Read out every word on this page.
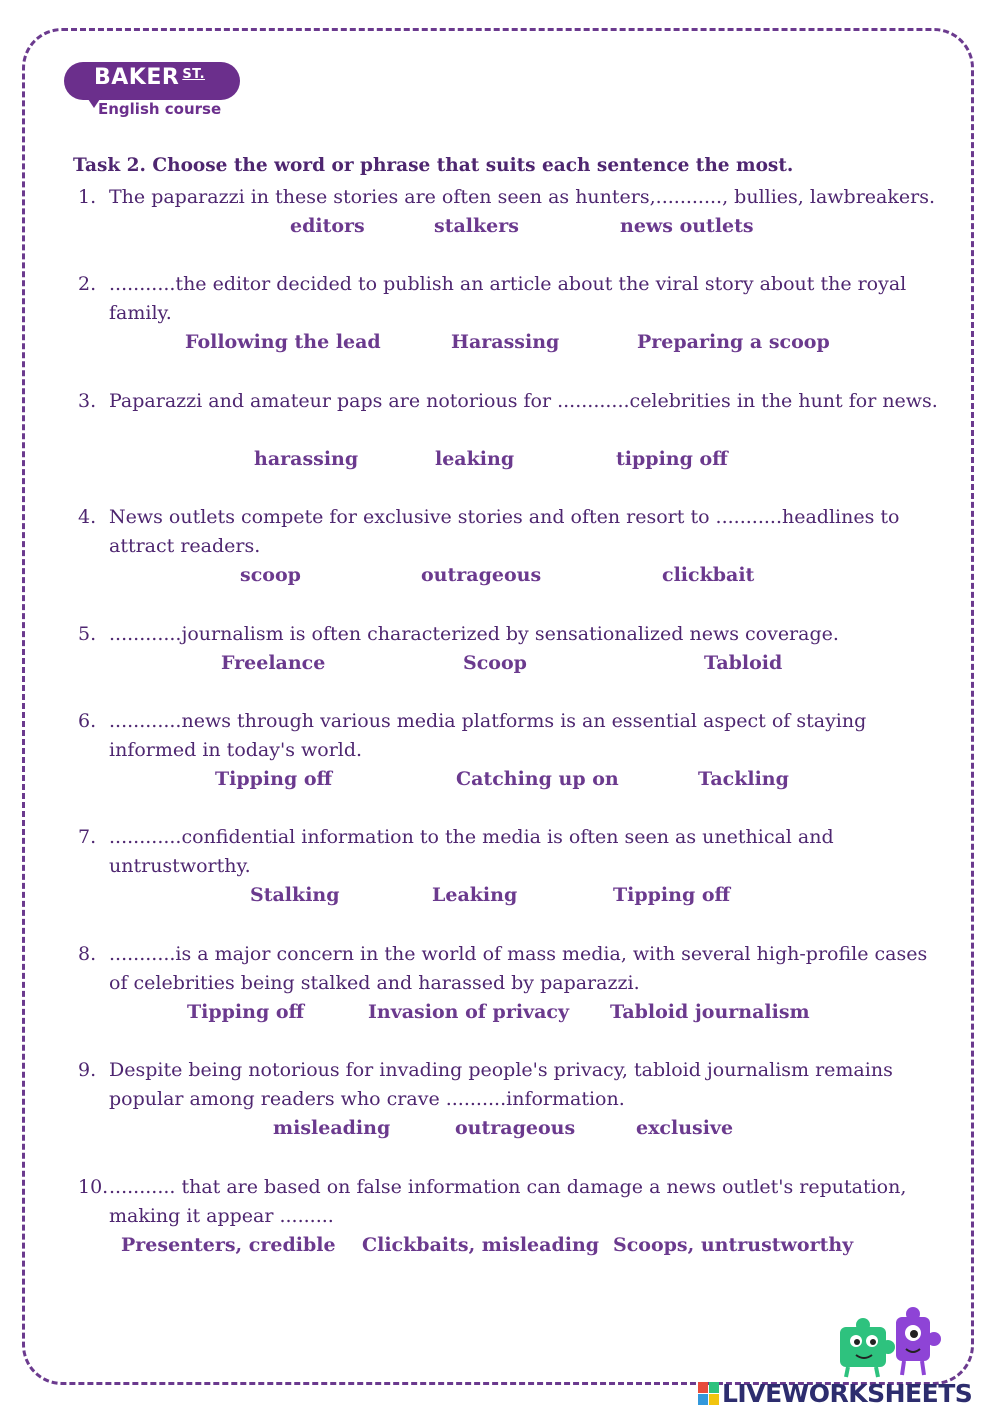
BAKER $^{ST.}$
English course
Task 2. Choose the word or phrase that suits each sentence the most.
1. The paparazzi in these stories are often seen as hunters,..........., bullies, lawbreakers.

editors	stalkers	news outlets
2. ...........the editor decided to publish an article about the viral story about the royal family.

Following the lead	Harassing	Preparing a scoop
3. Paparazzi and amateur paps are notorious for ............celebrities in the hunt for news.

harassing	leaking	tipping off
4. News outlets compete for exclusive stories and often resort to ...........headlines to attract readers.

scoop	outrageous	clickbait
5. ............journalism is often characterized by sensationalized news coverage.

Freelance	Scoop	Tabloid
6. ............news through various media platforms is an essential aspect of staying informed in today's world.

Tipping off	Catching up on	Tackling
7. ............confidential information to the media is often seen as unethical and untrustworthy.

Stalking	Leaking	Tipping off
8. ...........is a major concern in the world of mass media, with several high-profile cases of celebrities being stalked and harassed by paparazzi.

Tipping off	Invasion of privacy Tabloid journalism
9. Despite being notorious for invading people's privacy, tabloid journalism remains popular among readers who crave ..........information.

misleading	outrageous	exclusive
10. ........... that are based on false information can damage a news outlet's reputation, making it appear .........

Presenters, credible Clickbaits, misleading Scoops, untrustworthy
LIVEWORKSHEETS
